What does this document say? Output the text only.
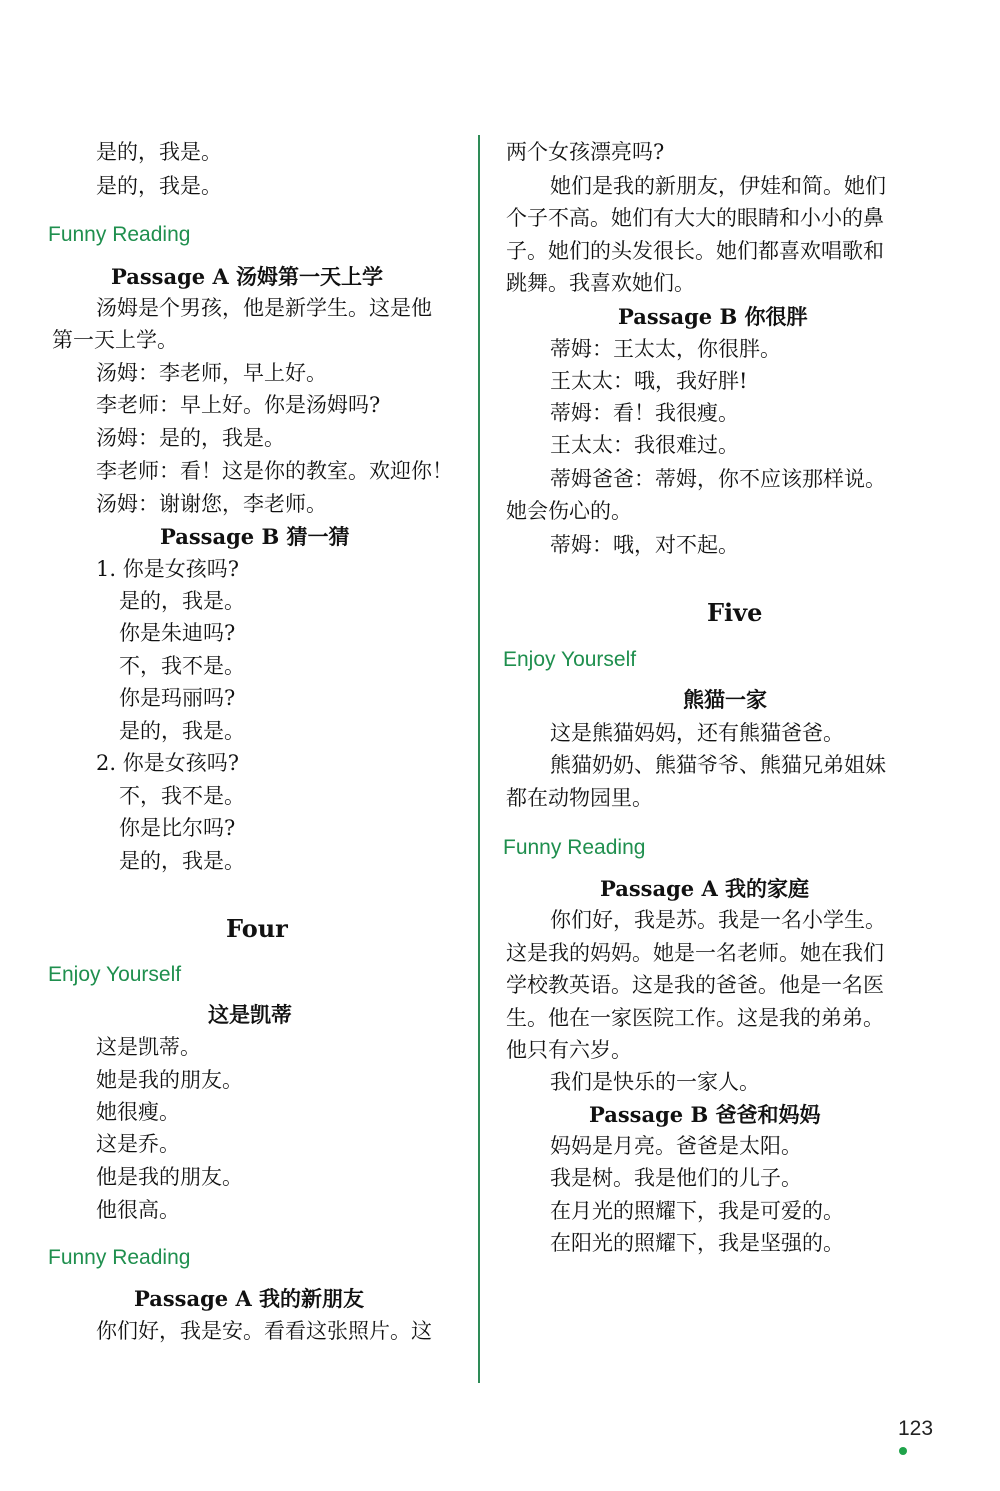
是的，我是。
是的，我是。
Funny Reading
Passage A 汤姆第一天上学
汤姆是个男孩，他是新学生。这是他
第一天上学。
汤姆：李老师，早上好。
李老师：早上好。你是汤姆吗?
汤姆：是的，我是。
李老师：看！这是你的教室。欢迎你！
汤姆：谢谢您，李老师。
Passage B 猜一猜
1. 你是女孩吗?
是的，我是。
你是朱迪吗?
不，我不是。
你是玛丽吗?
是的，我是。
2. 你是女孩吗?
不，我不是。
你是比尔吗?
是的，我是。
Four
Enjoy Yourself
这是凯蒂
这是凯蒂。
她是我的朋友。
她很瘦。
这是乔。
他是我的朋友。
他很高。
Funny Reading
Passage A 我的新朋友
你们好，我是安。看看这张照片。这
两个女孩漂亮吗?
她们是我的新朋友，伊娃和简。她们
个子不高。她们有大大的眼睛和小小的鼻
子。她们的头发很长。她们都喜欢唱歌和
跳舞。我喜欢她们。
Passage B 你很胖
蒂姆：王太太，你很胖。
王太太：哦，我好胖!
蒂姆：看！我很瘦。
王太太：我很难过。
蒂姆爸爸：蒂姆，你不应该那样说。
她会伤心的。
蒂姆：哦，对不起。
Five
Enjoy Yourself
熊猫一家
这是熊猫妈妈，还有熊猫爸爸。
熊猫奶奶、熊猫爷爷、熊猫兄弟姐妹
都在动物园里。
Funny Reading
Passage A 我的家庭
你们好，我是苏。我是一名小学生。
这是我的妈妈。她是一名老师。她在我们
学校教英语。这是我的爸爸。他是一名医
生。他在一家医院工作。这是我的弟弟。
他只有六岁。
我们是快乐的一家人。
Passage B 爸爸和妈妈
妈妈是月亮。爸爸是太阳。
我是树。我是他们的儿子。
在月光的照耀下，我是可爱的。
在阳光的照耀下，我是坚强的。
123
